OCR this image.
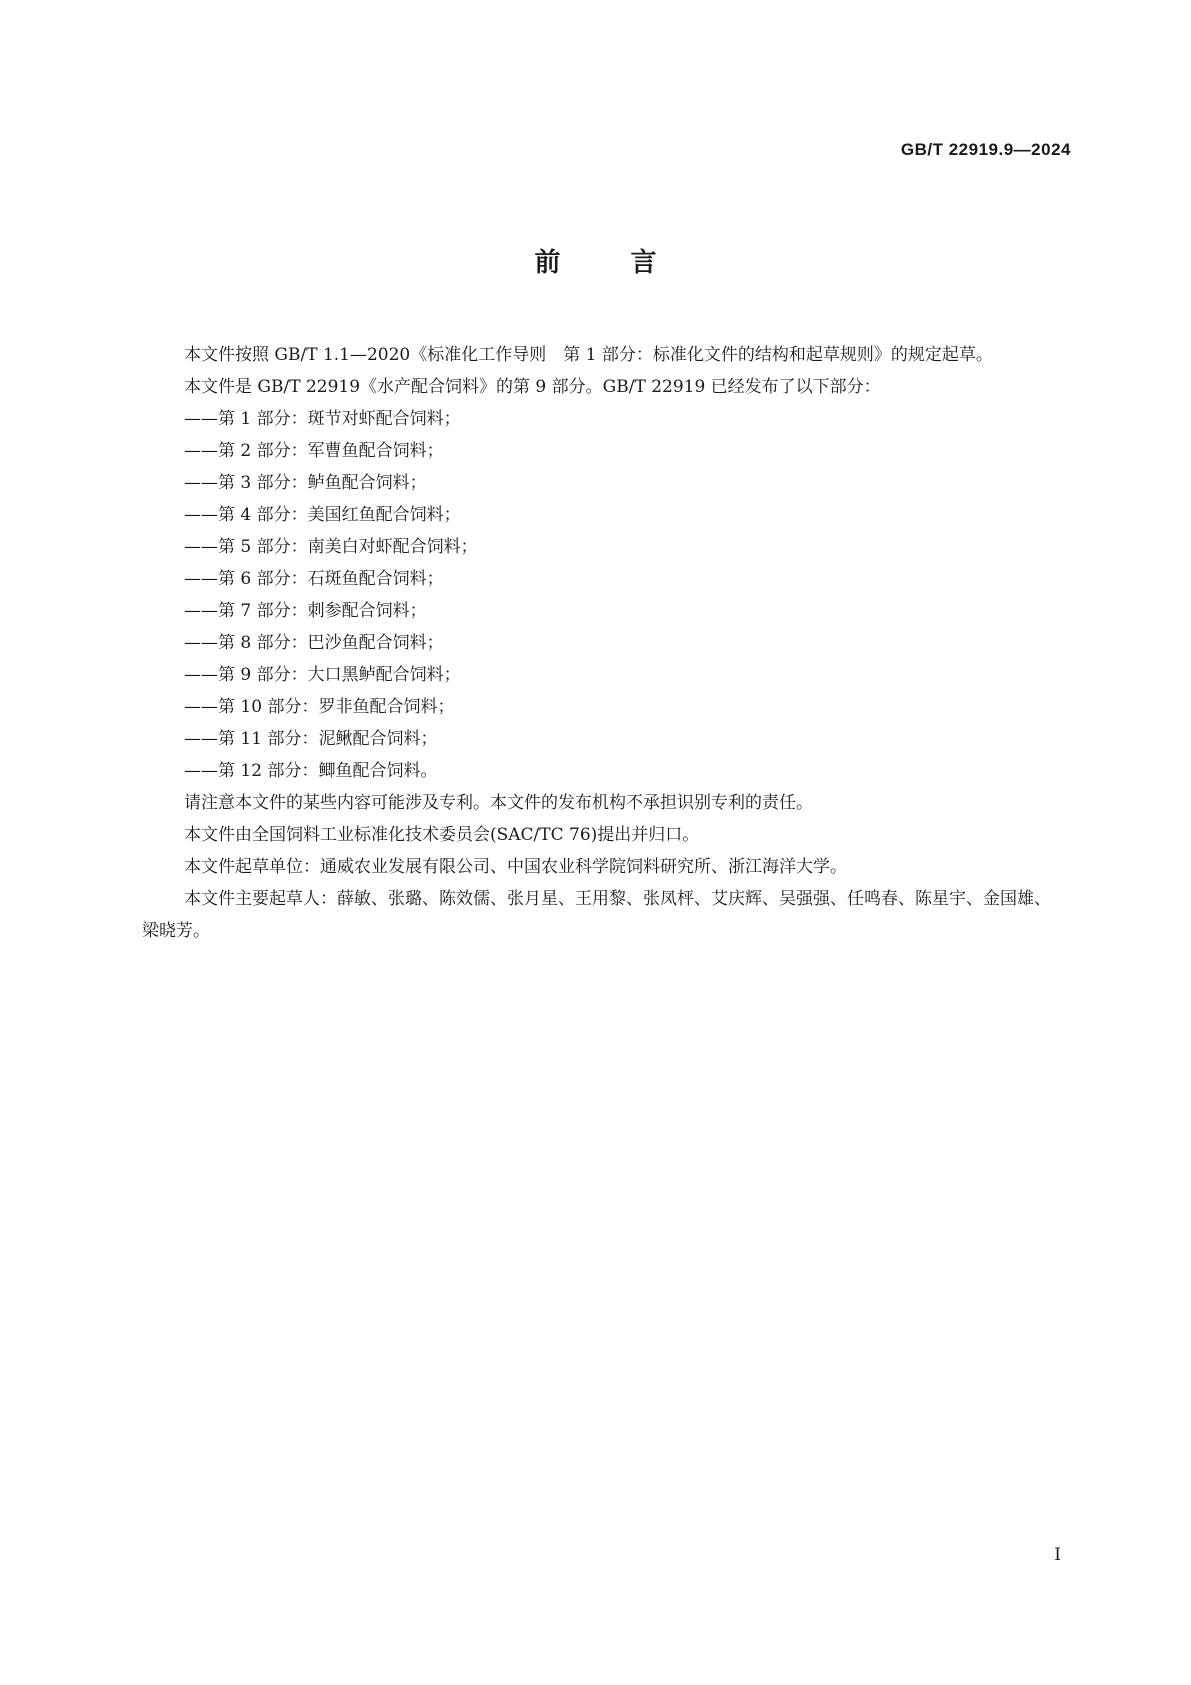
GB/T 22919.9—2024
前	言

本文件按照 GB/T 1.1—2020《标准化工作导则　第 1 部分：标准化文件的结构和起草规则》的规定起草。

本文件是 GB/T 22919《水产配合饲料》的第 9 部分。GB/T 22919 已经发布了以下部分：

——第 1 部分：斑节对虾配合饲料；

——第 2 部分：军曹鱼配合饲料；

——第 3 部分：鲈鱼配合饲料；

——第 4 部分：美国红鱼配合饲料；

——第 5 部分：南美白对虾配合饲料；

——第 6 部分：石斑鱼配合饲料；

——第 7 部分：刺参配合饲料；

——第 8 部分：巴沙鱼配合饲料；

——第 9 部分：大口黑鲈配合饲料；

——第 10 部分：罗非鱼配合饲料；

——第 11 部分：泥鳅配合饲料；

——第 12 部分：鲫鱼配合饲料。

请注意本文件的某些内容可能涉及专利。本文件的发布机构不承担识别专利的责任。

本文件由全国饲料工业标准化技术委员会(SAC/TC 76)提出并归口。

本文件起草单位：通威农业发展有限公司、中国农业科学院饲料研究所、浙江海洋大学。

本文件主要起草人：薛敏、张璐、陈效儒、张月星、王用黎、张凤枰、艾庆辉、吴强强、任鸣春、陈星宇、金国雄、梁晓芳。

I
